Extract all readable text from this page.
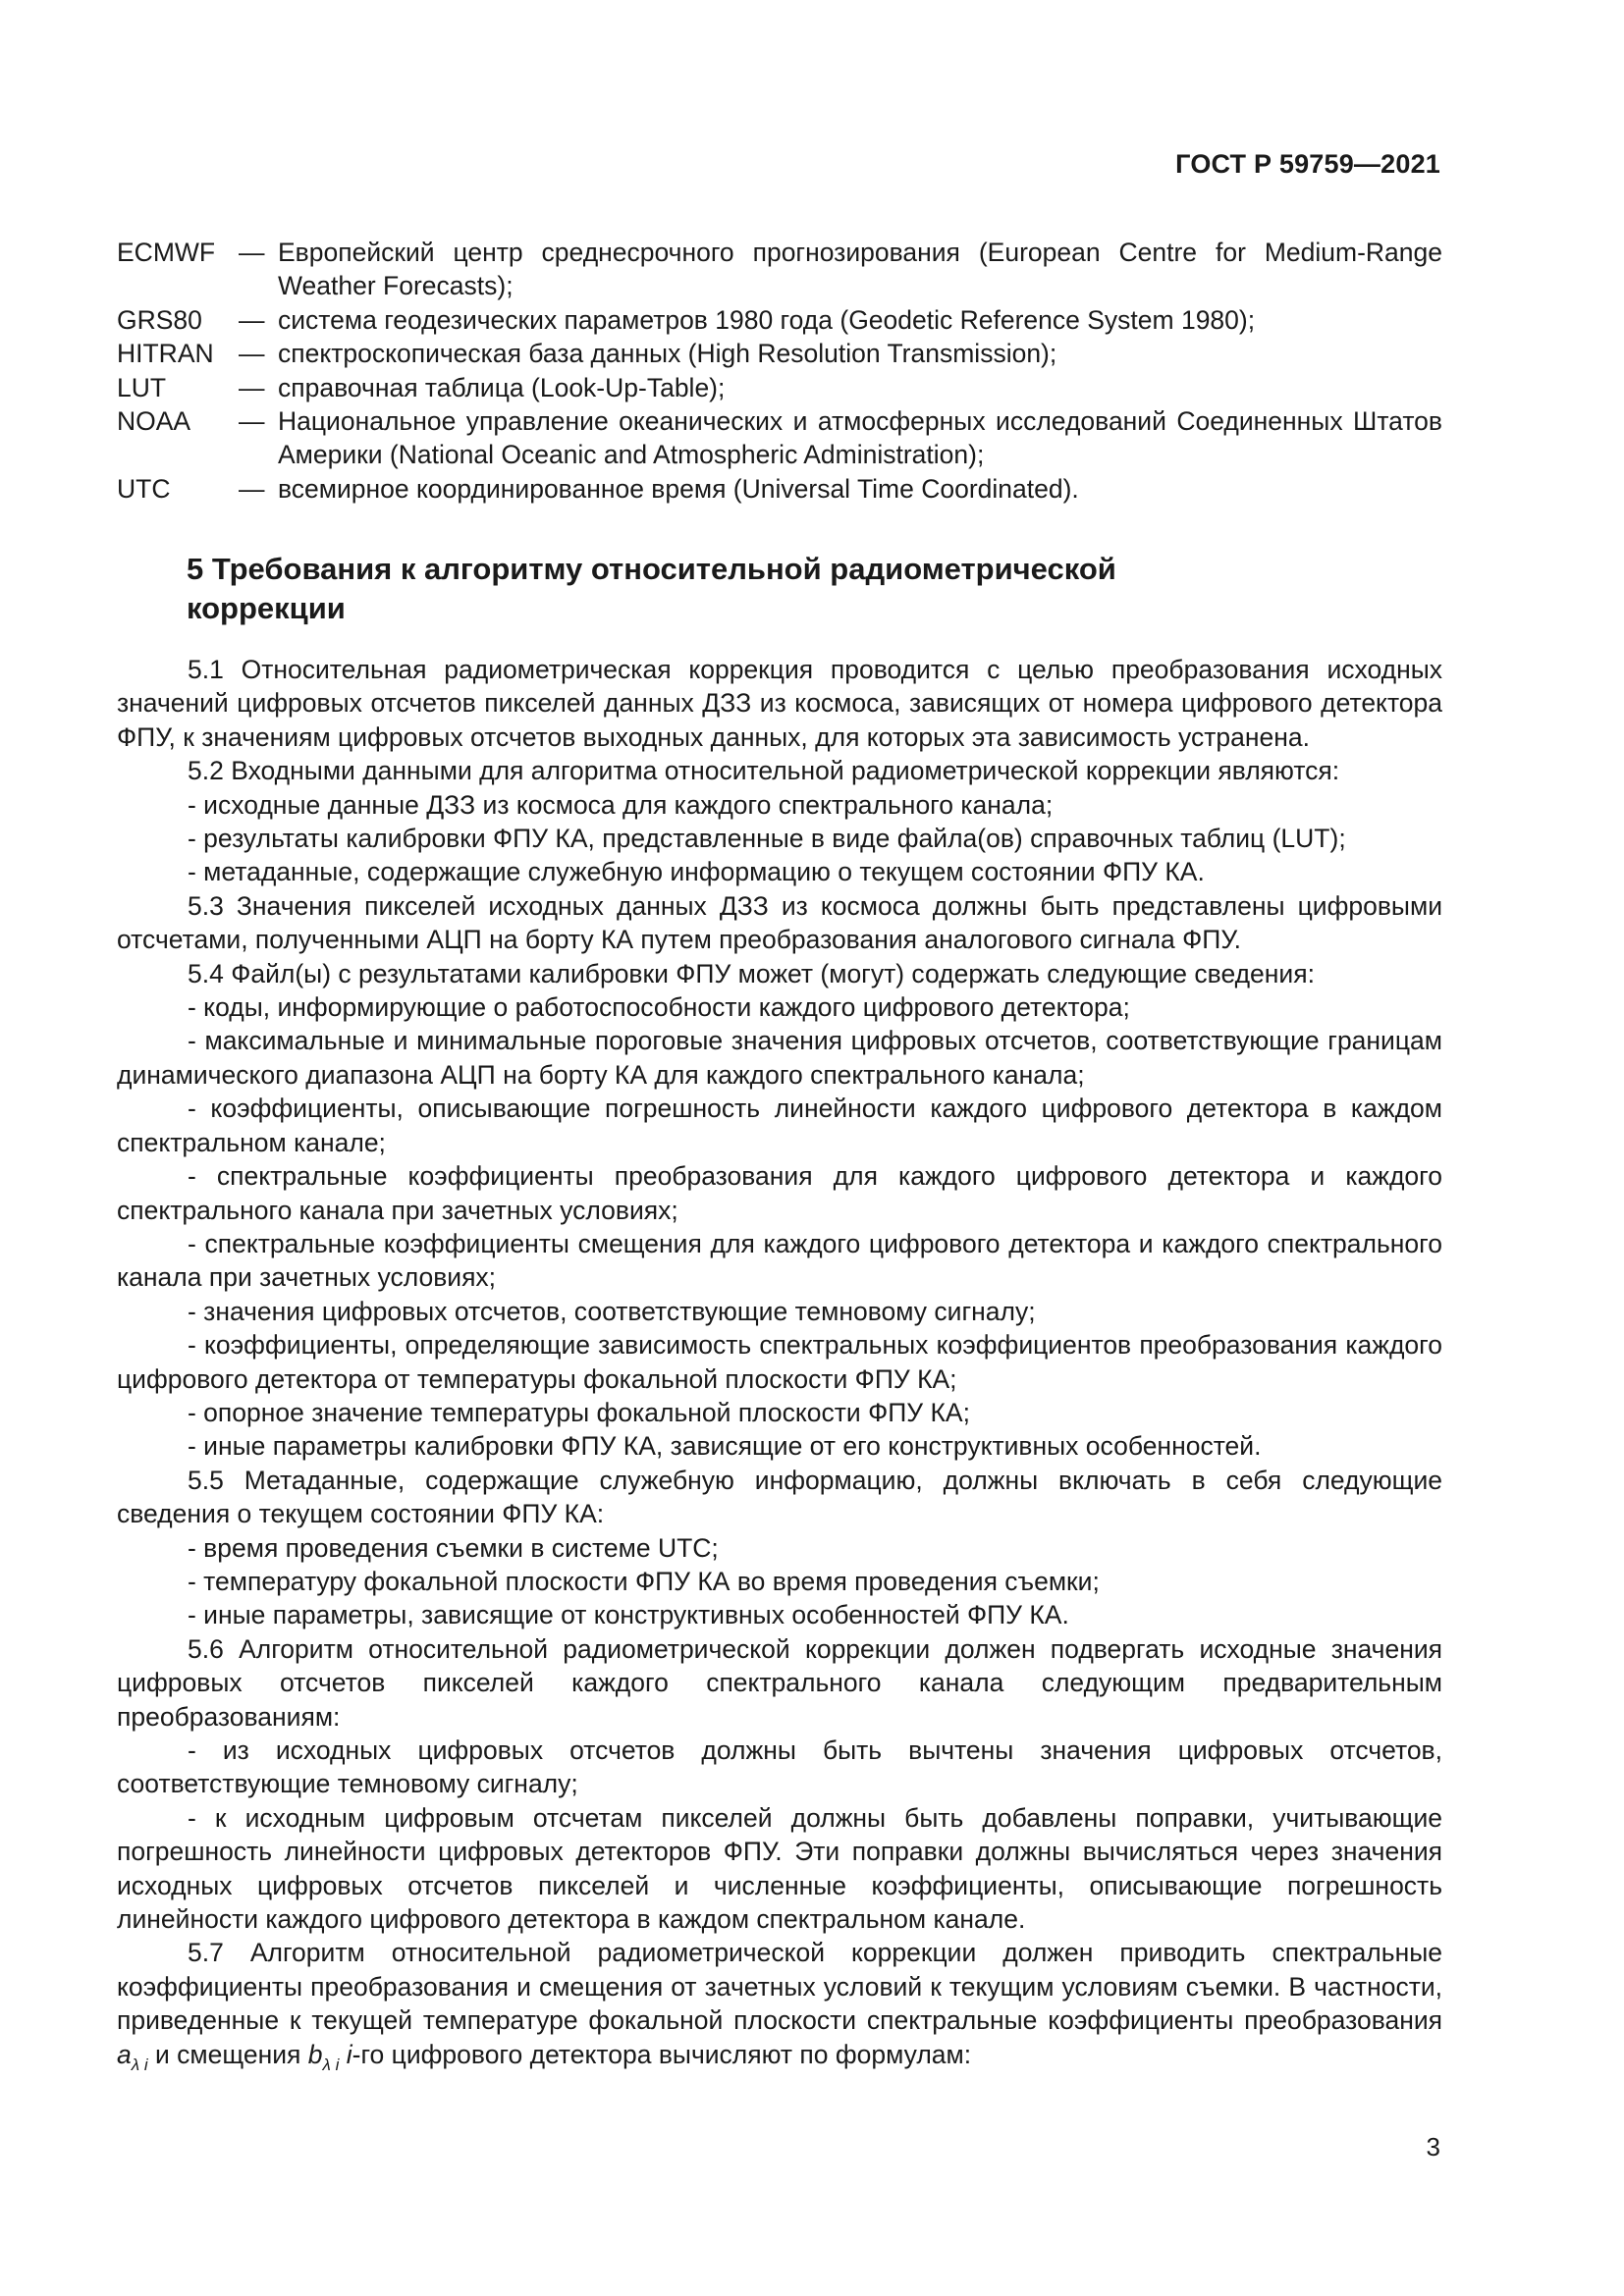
ГОСТ Р 59759—2021
ECMWF — Европейский центр среднесрочного прогнозирования (European Centre for Medium-Range Weather Forecasts);
GRS80	— система геодезических параметров 1980 года (Geodetic Reference System 1980);
HITRAN — спектроскопическая база данных (High Resolution Transmission);
LUT	— справочная таблица (Look-Up-Table);
NOAA	— Национальное управление океанических и атмосферных исследований Соединенных Штатов Америки (National Oceanic and Atmospheric Administration);
UTC	— всемирное координированное время (Universal Time Coordinated).
5 Требования к алгоритму относительной радиометрической коррекции

5.1 Относительная радиометрическая коррекция проводится с целью преобразования исходных значений цифровых отсчетов пикселей данных ДЗЗ из космоса, зависящих от номера цифрового детектора ФПУ, к значениям цифровых отсчетов выходных данных, для которых эта зависимость устранена.

5.2 Входными данными для алгоритма относительной радиометрической коррекции являются:

- исходные данные ДЗЗ из космоса для каждого спектрального канала;

- результаты калибровки ФПУ КА, представленные в виде файла(ов) справочных таблиц (LUT);

- метаданные, содержащие служебную информацию о текущем состоянии ФПУ КА.

5.3 Значения пикселей исходных данных ДЗЗ из космоса должны быть представлены цифровыми отсчетами, полученными АЦП на борту КА путем преобразования аналогового сигнала ФПУ.

5.4 Файл(ы) с результатами калибровки ФПУ может (могут) содержать следующие сведения:

- коды, информирующие о работоспособности каждого цифрового детектора;

- максимальные и минимальные пороговые значения цифровых отсчетов, соответствующие границам динамического диапазона АЦП на борту КА для каждого спектрального канала;

- коэффициенты, описывающие погрешность линейности каждого цифрового детектора в каждом спектральном канале;

- спектральные коэффициенты преобразования для каждого цифрового детектора и каждого спектрального канала при зачетных условиях;

- спектральные коэффициенты смещения для каждого цифрового детектора и каждого спектрального канала при зачетных условиях;

- значения цифровых отсчетов, соответствующие темновому сигналу;

- коэффициенты, определяющие зависимость спектральных коэффициентов преобразования каждого цифрового детектора от температуры фокальной плоскости ФПУ КА;

- опорное значение температуры фокальной плоскости ФПУ КА;

- иные параметры калибровки ФПУ КА, зависящие от его конструктивных особенностей.

5.5 Метаданные, содержащие служебную информацию, должны включать в себя следующие сведения о текущем состоянии ФПУ КА:

- время проведения съемки в системе UTC;

- температуру фокальной плоскости ФПУ КА во время проведения съемки;

- иные параметры, зависящие от конструктивных особенностей ФПУ КА.

5.6 Алгоритм относительной радиометрической коррекции должен подвергать исходные значения цифровых отсчетов пикселей каждого спектрального канала следующим предварительным преобразованиям:

- из исходных цифровых отсчетов должны быть вычтены значения цифровых отсчетов, соответствующие темновому сигналу;

- к исходным цифровым отсчетам пикселей должны быть добавлены поправки, учитывающие погрешность линейности цифровых детекторов ФПУ. Эти поправки должны вычисляться через значения исходных цифровых отсчетов пикселей и численные коэффициенты, описывающие погрешность линейности каждого цифрового детектора в каждом спектральном канале.

5.7 Алгоритм относительной радиометрической коррекции должен приводить спектральные коэффициенты преобразования и смещения от зачетных условий к текущим условиям съемки. В частности, приведенные к текущей температуре фокальной плоскости спектральные коэффициенты преобразования $a_{\lambda i}$ и смещения $b_{\lambda i}$ i-го цифрового детектора вычисляют по формулам:

3
